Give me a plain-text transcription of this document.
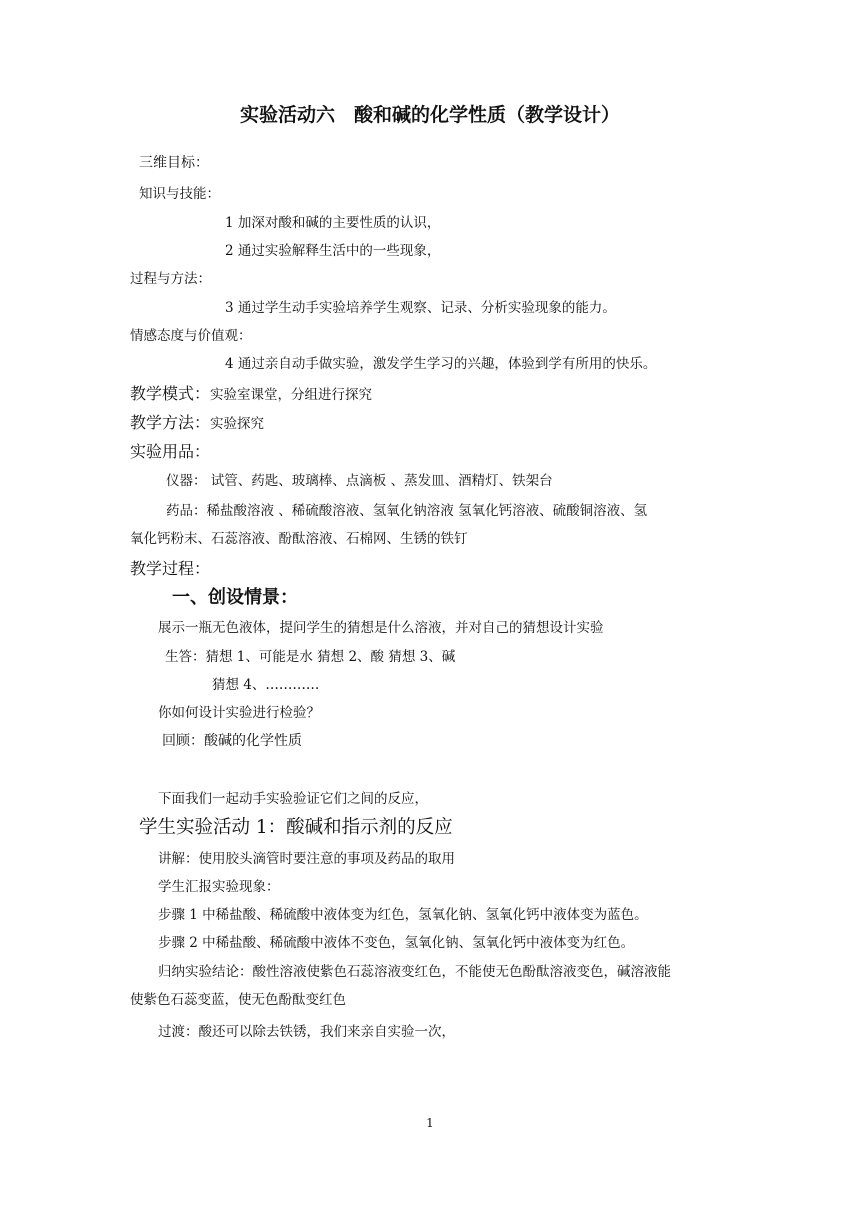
实验活动六　酸和碱的化学性质（教学设计）
三维目标：
知识与技能：
1 加深对酸和碱的主要性质的认识，
2 通过实验解释生活中的一些现象，
过程与方法：
3 通过学生动手实验培养学生观察、记录、分析实验现象的能力。
情感态度与价值观：
4 通过亲自动手做实验，激发学生学习的兴趣，体验到学有所用的快乐。
教学模式：实验室课堂，分组进行探究
教学方法：实验探究
实验用品：
仪器： 试管、药匙、玻璃棒、点滴板 、蒸发皿、酒精灯、铁架台
药品：稀盐酸溶液 、稀硫酸溶液、氢氧化钠溶液 氢氧化钙溶液、硫酸铜溶液、氢
氧化钙粉末、石蕊溶液、酚酞溶液、石棉网、生锈的铁钉
教学过程：
一、创设情景：
展示一瓶无色液体，提问学生的猜想是什么溶液，并对自己的猜想设计实验
生答：猜想 1、可能是水 猜想 2、酸 猜想 3、碱
猜想 4、…………
你如何设计实验进行检验？
回顾：酸碱的化学性质
下面我们一起动手实验验证它们之间的反应，
学生实验活动 1：酸碱和指示剂的反应
讲解：使用胶头滴管时要注意的事项及药品的取用
学生汇报实验现象：
步骤 1 中稀盐酸、稀硫酸中液体变为红色，氢氧化钠、氢氧化钙中液体变为蓝色。
步骤 2 中稀盐酸、稀硫酸中液体不变色，氢氧化钠、氢氧化钙中液体变为红色。
归纳实验结论：酸性溶液使紫色石蕊溶液变红色，不能使无色酚酞溶液变色，碱溶液能
使紫色石蕊变蓝，使无色酚酞变红色
过渡：酸还可以除去铁锈，我们来亲自实验一次，
1
